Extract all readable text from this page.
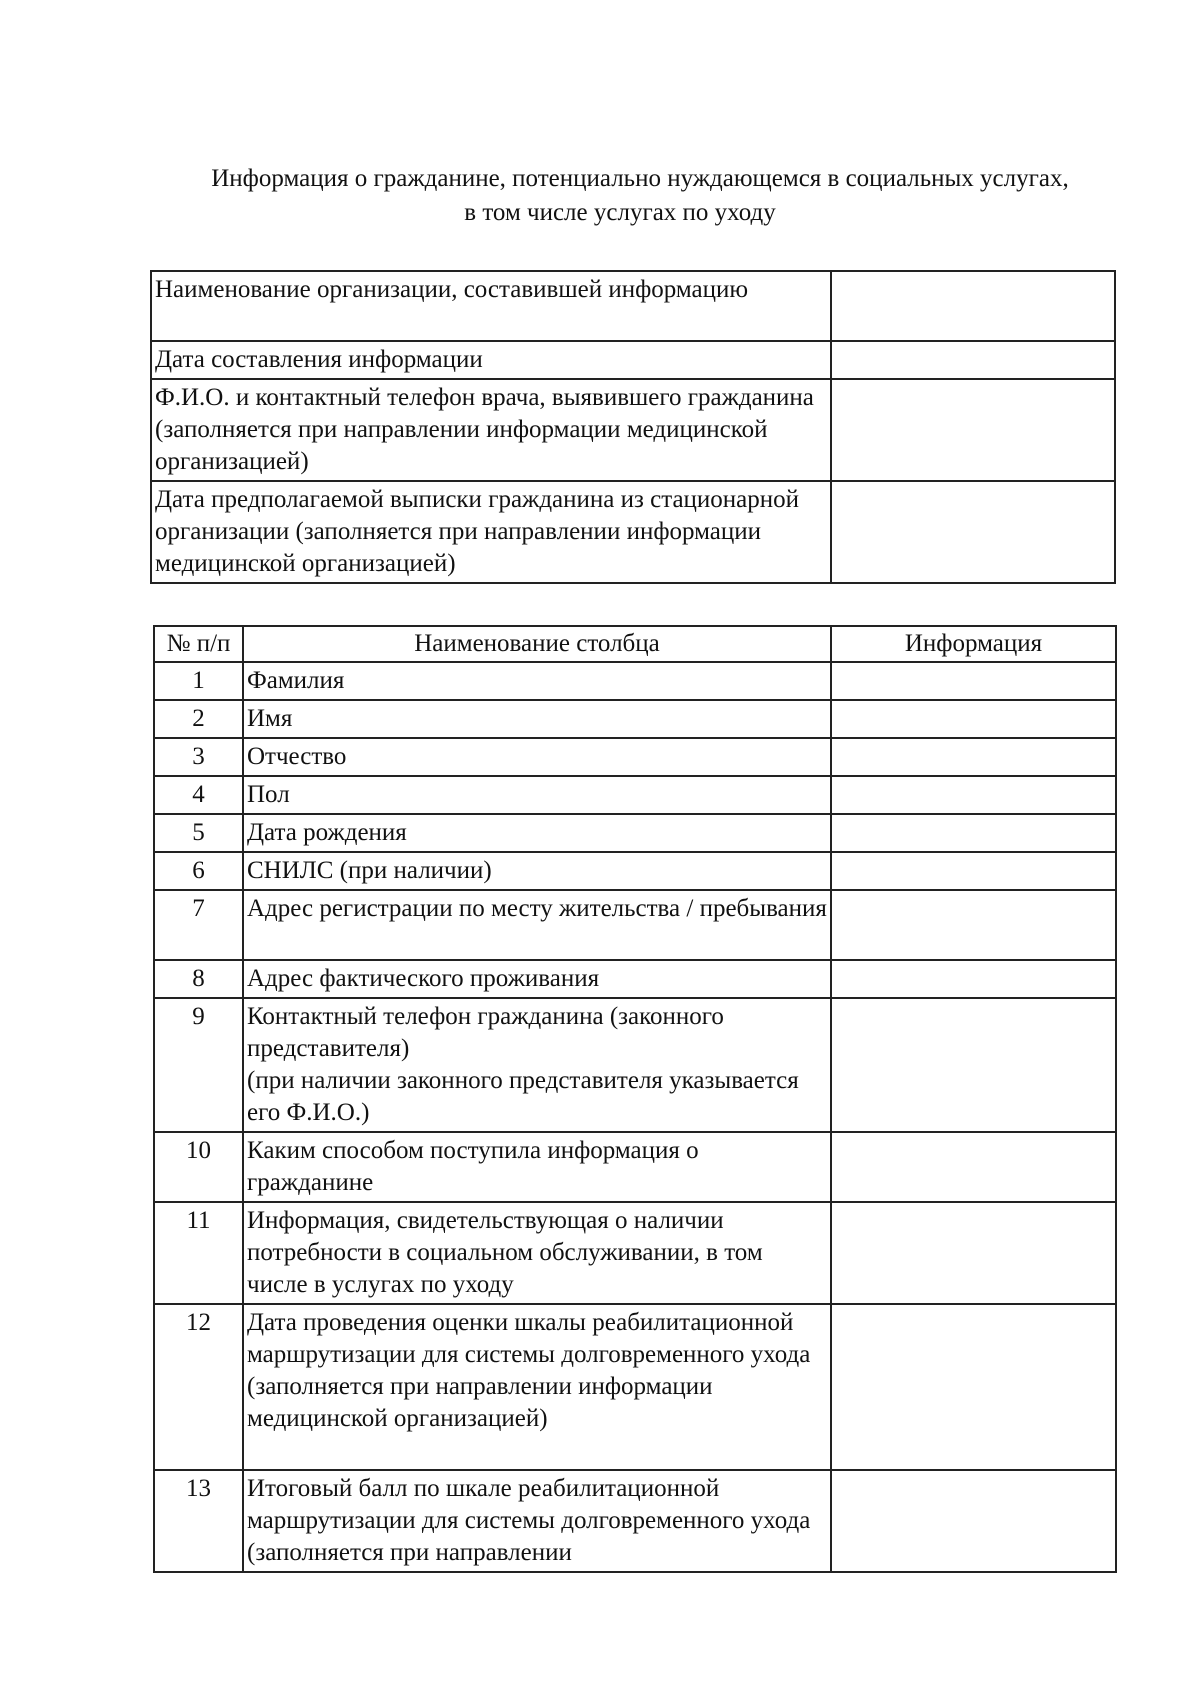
Информация о гражданине, потенциально нуждающемся в социальных услугах,
в том числе услугах по уходу
Наименование организации, составившей информацию	
Дата составления информации	
Ф.И.О. и контактный телефон врача, выявившего гражданина (заполняется при направлении информации медицинской организацией)	
Дата предполагаемой выписки гражданина из стационарной организации (заполняется при направлении информации медицинской организацией)	
№ п/п	Наименование столбца	Информация
1	Фамилия	
2	Имя	
3	Отчество	
4	Пол	
5	Дата рождения	
6	СНИЛС (при наличии)	
7	Адрес регистрации по месту жительства / пребывания	
8	Адрес фактического проживания	
9	Контактный телефон гражданина (законного представителя)
(при наличии законного представителя указывается его Ф.И.О.)	

10	Каким способом поступила информация о гражданине	
11	Информация, свидетельствующая о наличии потребности в социальном обслуживании, в том числе в услугах по уходу	
12	Дата проведения оценки шкалы реабилитационной маршрутизации для системы долговременного ухода (заполняется при направлении информации медицинской организацией)	
13	Итоговый балл по шкале реабилитационной маршрутизации для системы долговременного ухода (заполняется при направлении	
